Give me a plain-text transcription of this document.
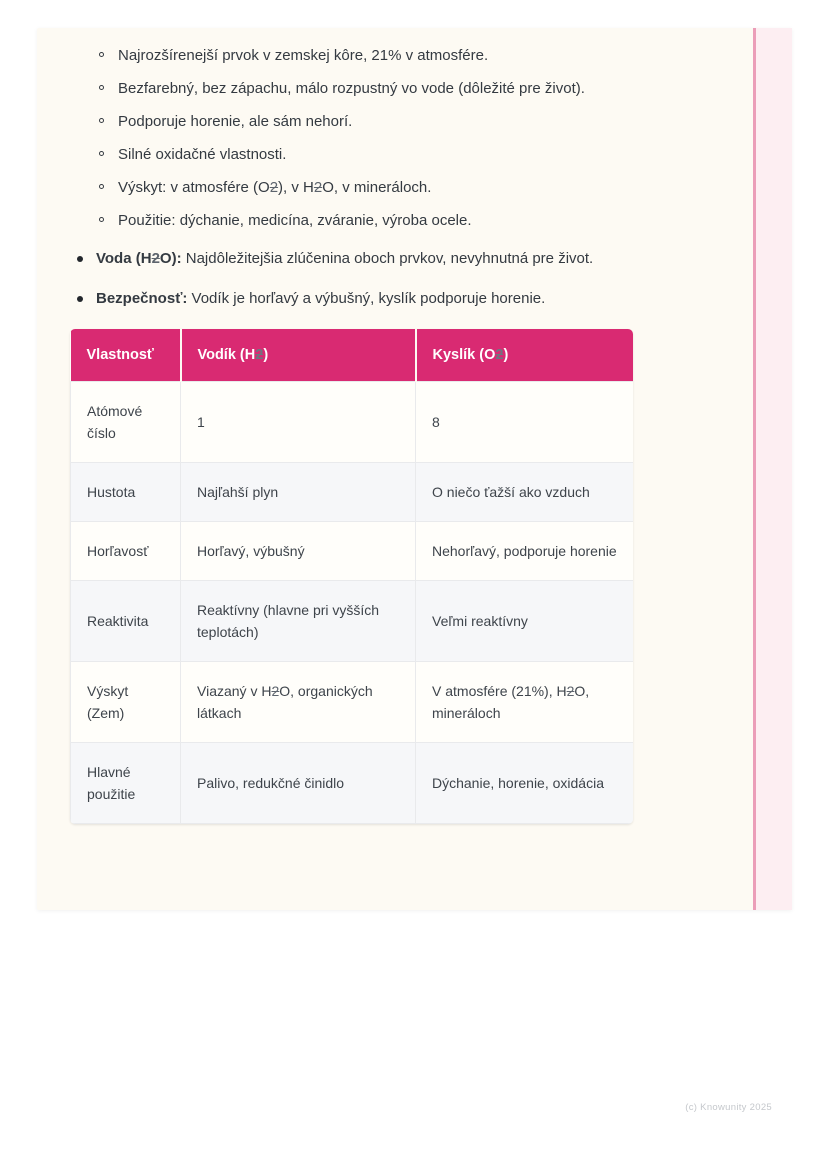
Najrozšírenejší prvok v zemskej kôre, 21% v atmosfére.
Bezfarebný, bez zápachu, málo rozpustný vo vode (dôležité pre život).
Podporuje horenie, ale sám nehorí.
Silné oxidačné vlastnosti.
Výskyt: v atmosfére (O2), v H2O, v mineráloch.
Použitie: dýchanie, medicína, zváranie, výroba ocele.
Voda (H2O): Najdôležitejšia zlúčenina oboch prvkov, nevyhnutná pre život.
Bezpečnosť: Vodík je horľavý a výbušný, kyslík podporuje horenie.
Vlastnosť	Vodík (H2)	Kyslík (O2)
Atómové číslo	1	8
Hustota	Najľahší plyn	O niečo ťažší ako vzduch
Horľavosť	Horľavý, výbušný	Nehorľavý, podporuje horenie
Reaktivita	Reaktívny (hlavne pri vyšších teplotách)	Veľmi reaktívny
Výskyt (Zem)	Viazaný v H2O, organických látkach	V atmosfére (21%), H2O, mineráloch
Hlavné použitie	Palivo, redukčné činidlo	Dýchanie, horenie, oxidácia
(c) Knowunity 2025
